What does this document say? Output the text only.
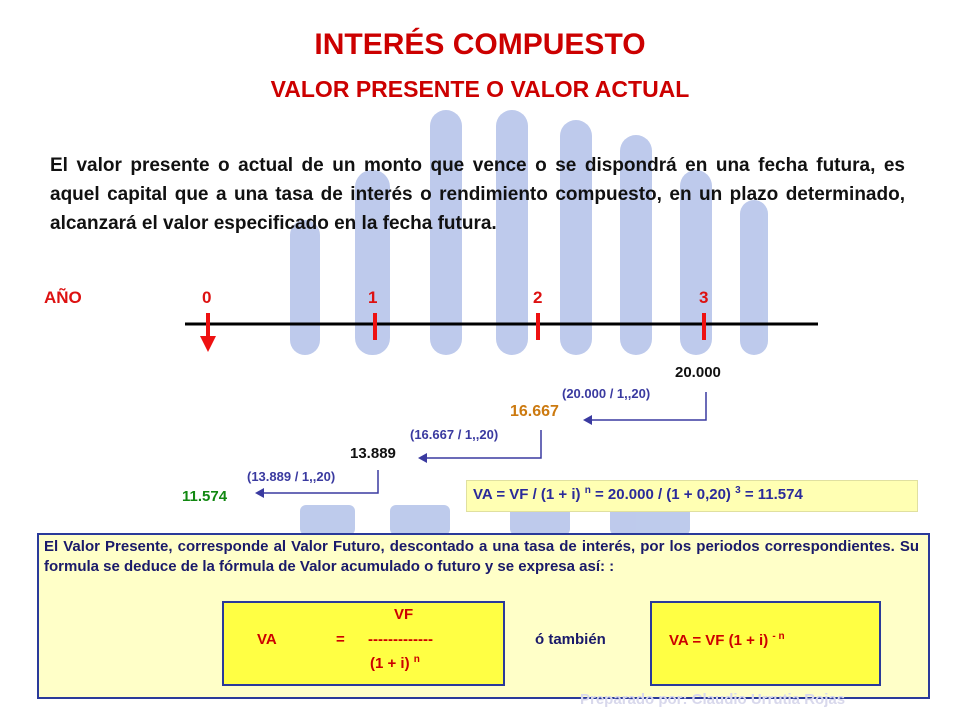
INTERÉS COMPUESTO
VALOR PRESENTE O VALOR ACTUAL
El valor presente o actual de un monto que vence o se dispondrá en una fecha futura, es aquel capital que a una tasa de interés o rendimiento compuesto, en un plazo determinado, alcanzará el valor especificado en la fecha futura.
AÑO	0	1	2	3
20.000
(20.000 / 1,,20)
16.667
(16.667 / 1,,20)
13.889
(13.889 / 1,,20)
11.574	VA = VF / (1 + i) $^n$ = 20.000 / (1 + 0,20) $^3$ = 11.574
El Valor Presente, corresponde al Valor Futuro, descontado a una tasa de interés, por los periodos correspondientes. Su formula se deduce de la fórmula de Valor acumulado o futuro y se expresa así: :
VF
VA	= -------------
(1 + i) $^n$
ó también	VA = VF (1 + i) $^{- n}$
Preparado por: Claudio Urrutia Rojas
